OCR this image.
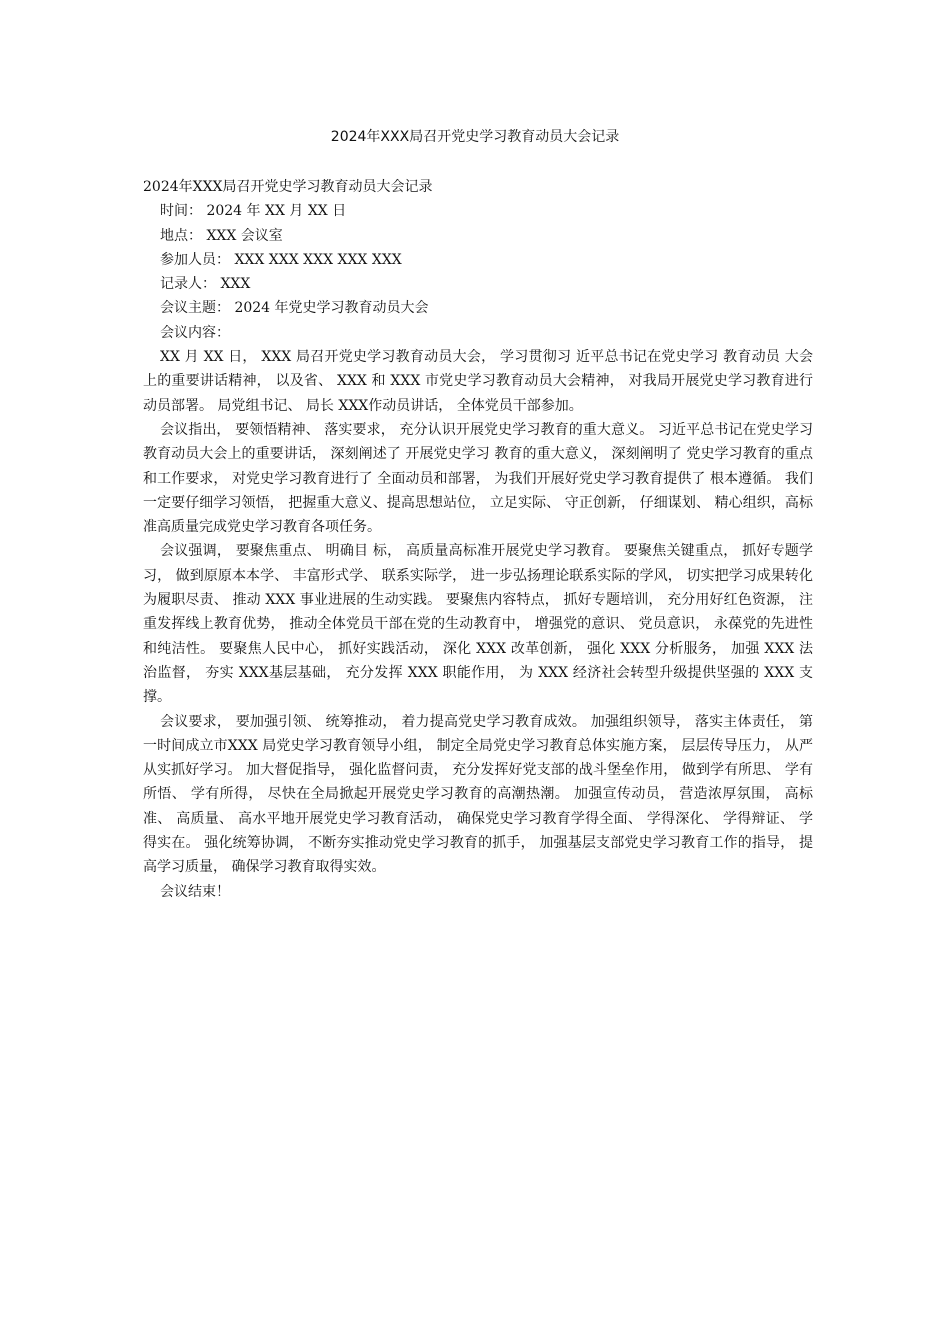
2024年XXX局召开党史学习教育动员大会记录
2024年XXX局召开党史学习教育动员大会记录
时间： 2024 年 XX 月 XX 日
地点： XXX 会议室
参加人员： XXX XXX XXX XXX XXX
记录人： XXX
会议主题： 2024 年党史学习教育动员大会
会议内容：
XX 月 XX 日， XXX 局召开党史学习教育动员大会， 学习贯彻习 近平总书记在党史学习 教育动员 大会上的重要讲话精神， 以及省、 XXX 和 XXX 市党史学习教育动员大会精神， 对我局开展党史学习教育进行动员部署。 局党组书记、 局长 XXX作动员讲话， 全体党员干部参加。
会议指出， 要领悟精神、 落实要求， 充分认识开展党史学习教育的重大意义。 习近平总书记在党史学习教育动员大会上的重要讲话， 深刻阐述了 开展党史学习 教育的重大意义， 深刻阐明了 党史学习教育的重点和工作要求， 对党史学习教育进行了 全面动员和部署， 为我们开展好党史学习教育提供了 根本遵循。 我们一定要仔细学习领悟， 把握重大意义、提高思想站位， 立足实际、 守正创新， 仔细谋划、 精心组织，高标准高质量完成党史学习教育各项任务。
会议强调， 要聚焦重点、 明确目 标， 高质量高标准开展党史学习教育。 要聚焦关键重点， 抓好专题学习， 做到原原本本学、 丰富形式学、 联系实际学， 进一步弘扬理论联系实际的学风， 切实把学习成果转化为履职尽责、 推动 XXX 事业进展的生动实践。 要聚焦内容特点， 抓好专题培训， 充分用好红色资源， 注重发挥线上教育优势， 推动全体党员干部在党的生动教育中， 增强党的意识、 党员意识， 永葆党的先进性和纯洁性。 要聚焦人民中心， 抓好实践活动， 深化 XXX 改革创新， 强化 XXX 分析服务， 加强 XXX 法治监督， 夯实 XXX基层基础， 充分发挥 XXX 职能作用， 为 XXX 经济社会转型升级提供坚强的 XXX 支撑。
会议要求， 要加强引领、 统筹推动， 着力提高党史学习教育成效。 加强组织领导， 落实主体责任， 第一时间成立市XXX 局党史学习教育领导小组， 制定全局党史学习教育总体实施方案， 层层传导压力， 从严从实抓好学习。 加大督促指导， 强化监督问责， 充分发挥好党支部的战斗堡垒作用， 做到学有所思、 学有所悟、 学有所得， 尽快在全局掀起开展党史学习教育的高潮热潮。 加强宣传动员， 营造浓厚氛围， 高标准、 高质量、 高水平地开展党史学习教育活动， 确保党史学习教育学得全面、 学得深化、 学得辩证、 学得实在。 强化统筹协调， 不断夯实推动党史学习教育的抓手， 加强基层支部党史学习教育工作的指导， 提高学习质量， 确保学习教育取得实效。
会议结束！
